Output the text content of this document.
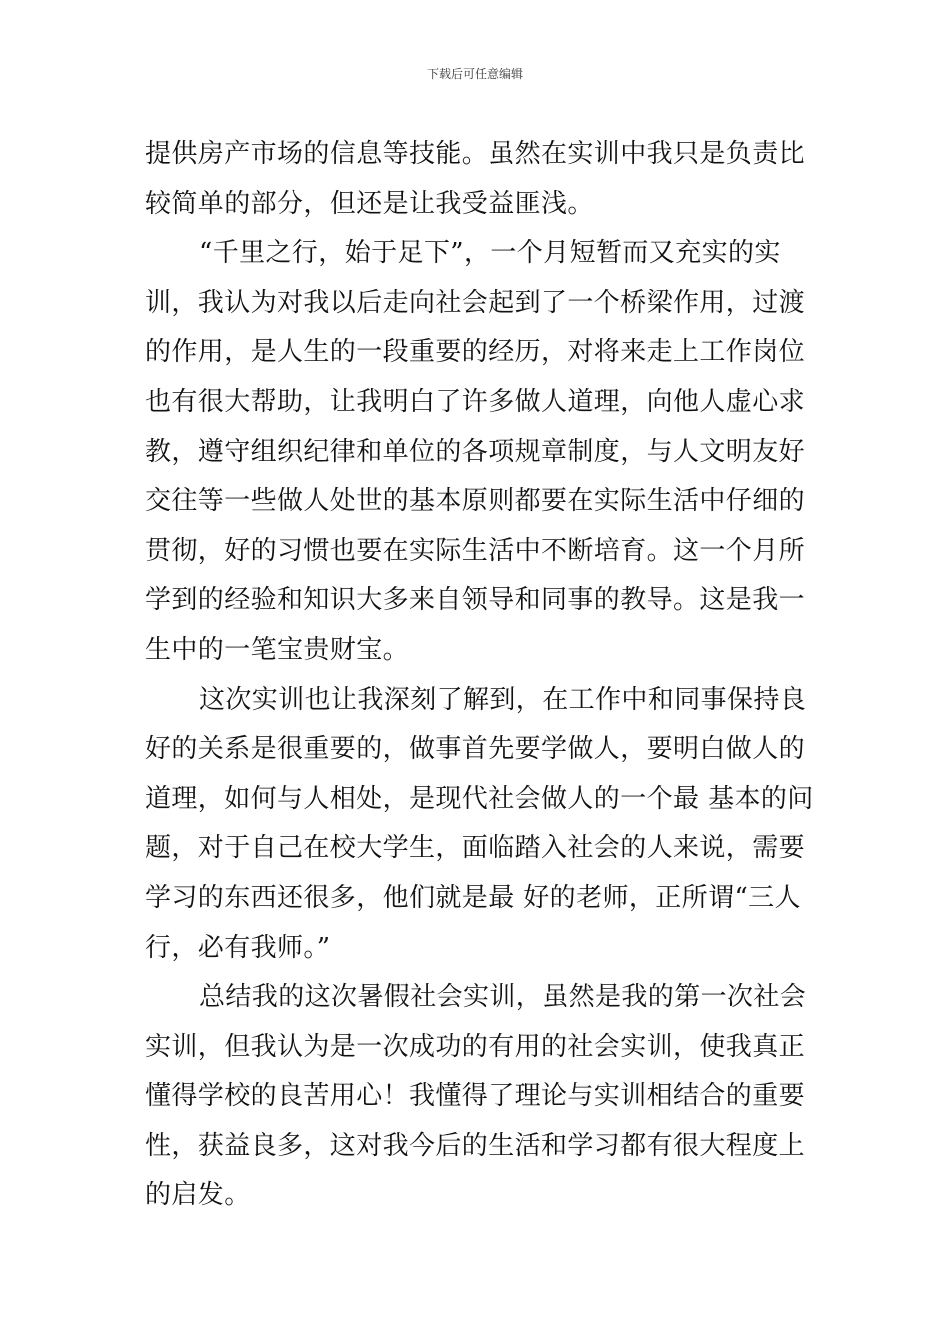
下载后可任意编辑
提供房产市场的信息等技能。虽然在实训中我只是负责比
较简单的部分，但还是让我受益匪浅。
“千里之行，始于足下”，一个月短暂而又充实的实
训，我认为对我以后走向社会起到了一个桥梁作用，过渡
的作用，是人生的一段重要的经历，对将来走上工作岗位
也有很大帮助，让我明白了许多做人道理，向他人虚心求
教，遵守组织纪律和单位的各项规章制度，与人文明友好
交往等一些做人处世的基本原则都要在实际生活中仔细的
贯彻，好的习惯也要在实际生活中不断培育。这一个月所
学到的经验和知识大多来自领导和同事的教导。这是我一
生中的一笔宝贵财宝。
这次实训也让我深刻了解到，在工作中和同事保持良
好的关系是很重要的，做事首先要学做人，要明白做人的
道理，如何与人相处，是现代社会做人的一个最 基本的问
题，对于自己在校大学生，面临踏入社会的人来说，需要
学习的东西还很多，他们就是最 好的老师，正所谓“三人
行，必有我师。”
总结我的这次暑假社会实训，虽然是我的第一次社会
实训，但我认为是一次成功的有用的社会实训，使我真正
懂得学校的良苦用心！我懂得了理论与实训相结合的重要
性，获益良多，这对我今后的生活和学习都有很大程度上
的启发。
